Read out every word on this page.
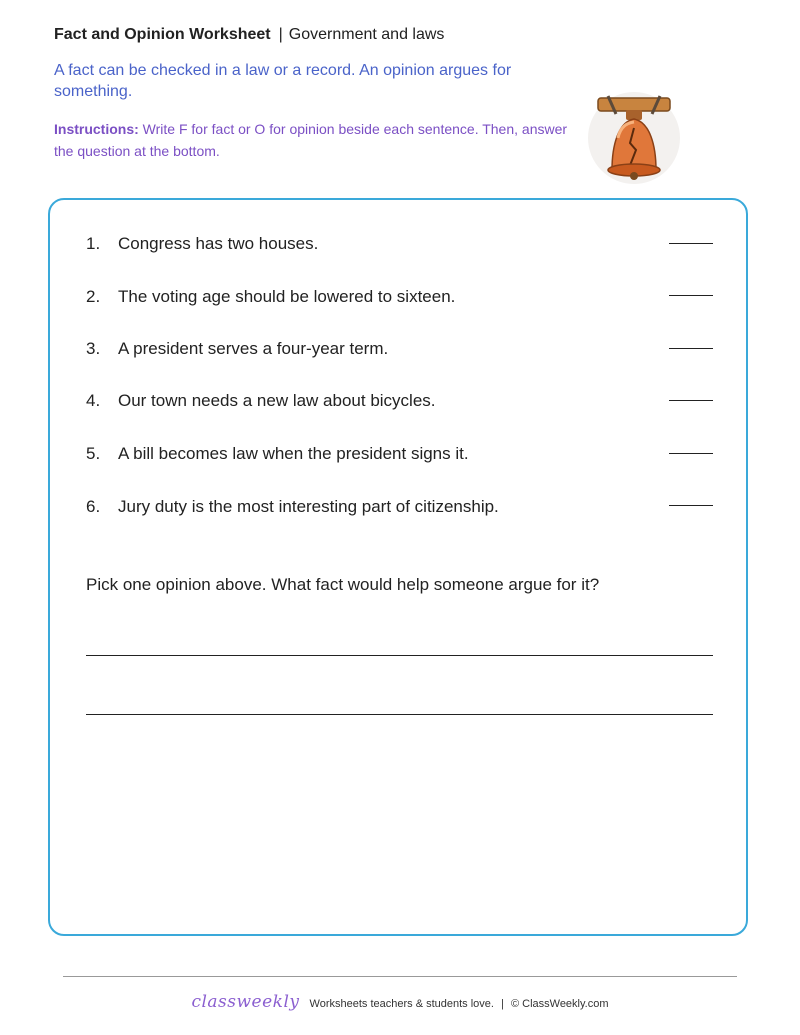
Fact and Opinion Worksheet | Government and laws
A fact can be checked in a law or a record. An opinion argues for something.
Instructions: Write F for fact or O for opinion beside each sentence. Then, answer the question at the bottom.
1. Congress has two houses.
2. The voting age should be lowered to sixteen.
3. A president serves a four-year term.
4. Our town needs a new law about bicycles.
5. A bill becomes law when the president signs it.
6. Jury duty is the most interesting part of citizenship.
Pick one opinion above. What fact would help someone argue for it?
classweekly Worksheets teachers & students love. | © ClassWeekly.com
